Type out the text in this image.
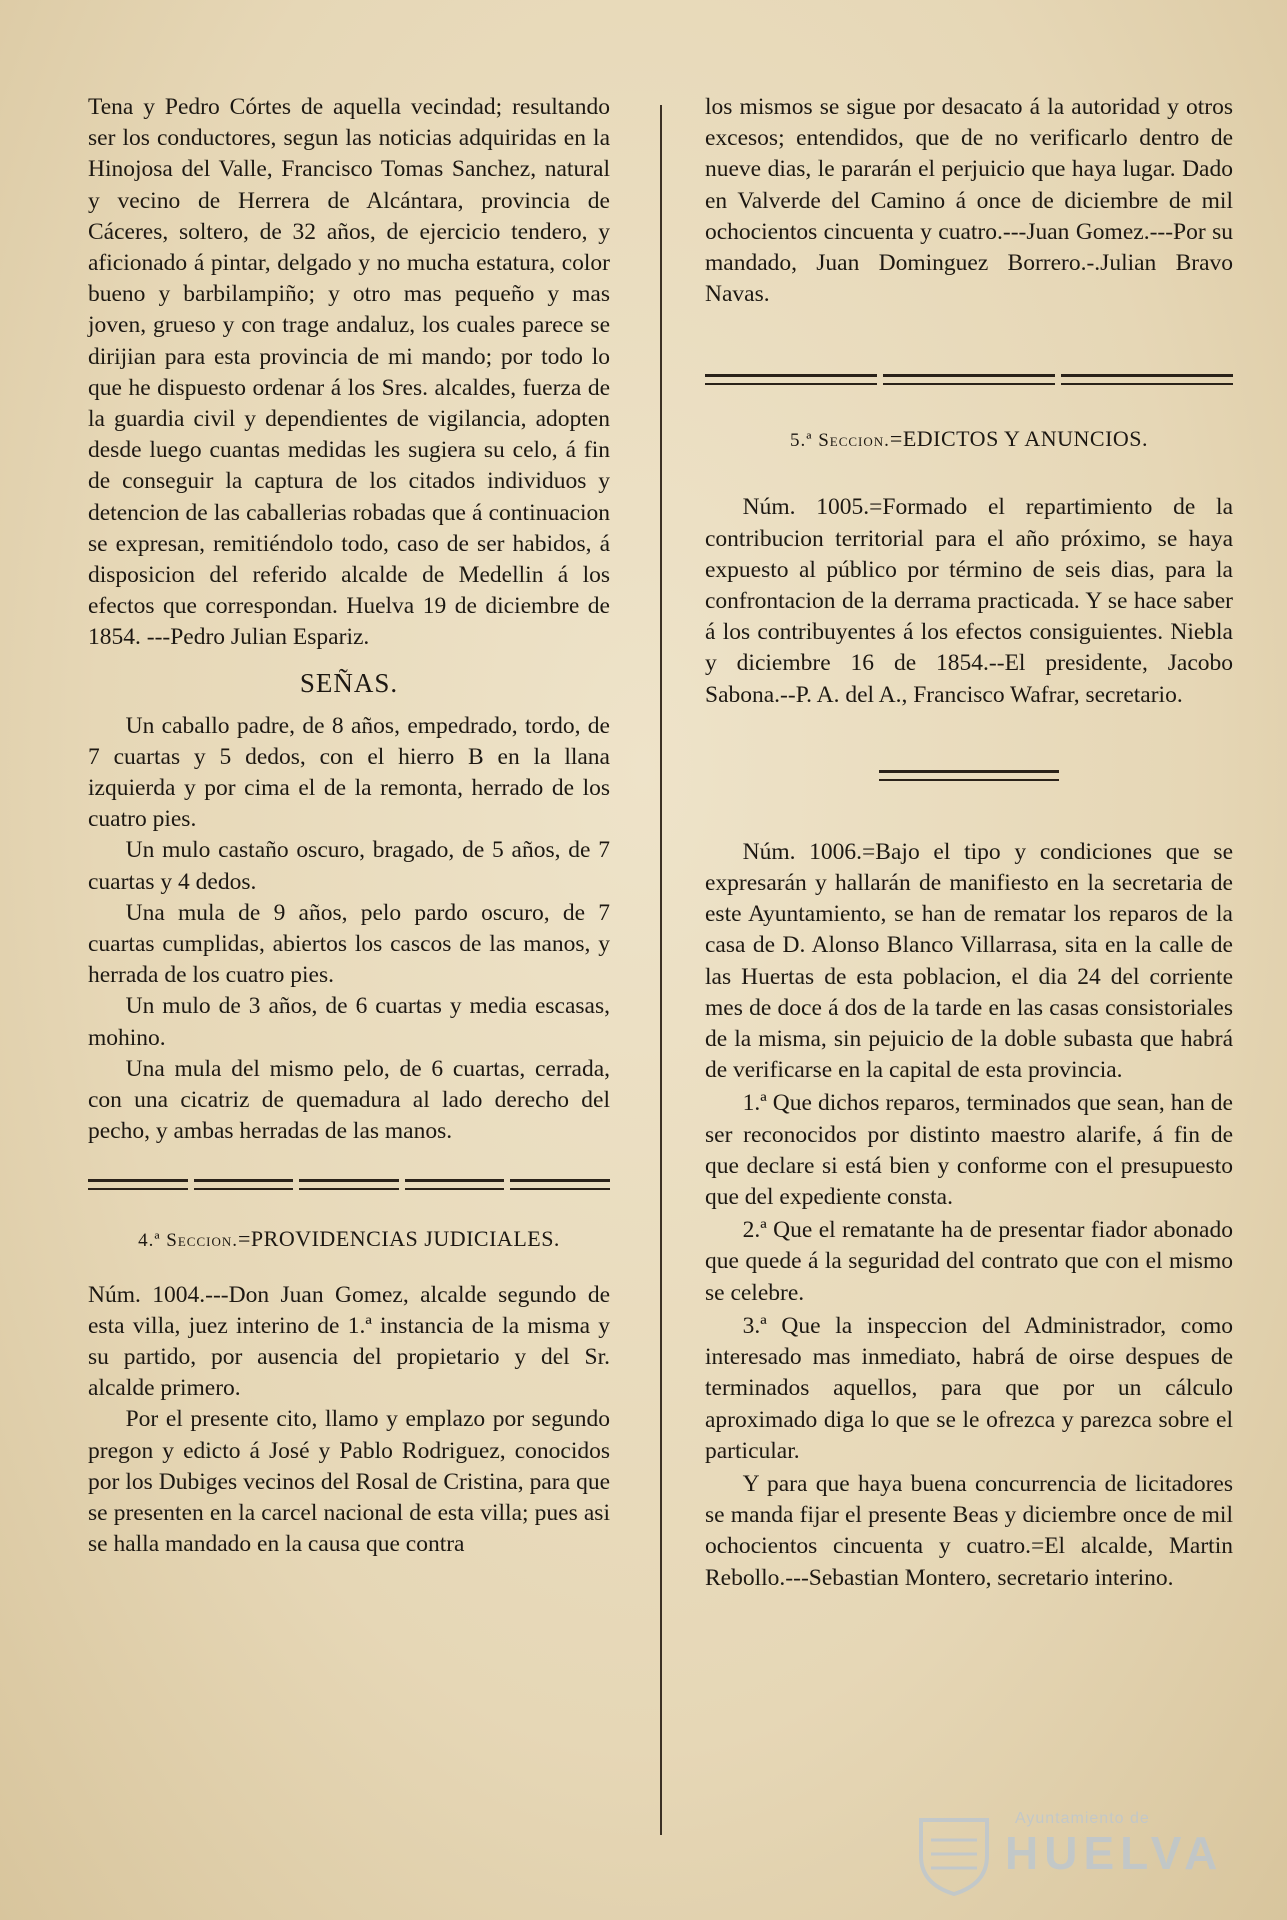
Tena y Pedro Córtes de aquella vecindad; resultando ser los conductores, segun las noticias adquiridas en la Hinojosa del Valle, Francisco Tomas Sanchez, natural y vecino de Herrera de Alcántara, provincia de Cáceres, soltero, de 32 años, de ejercicio tendero, y aficionado á pintar, delgado y no mucha estatura, color bueno y barbilampiño; y otro mas pequeño y mas joven, grueso y con trage andaluz, los cuales parece se dirijian para esta provincia de mi mando; por todo lo que he dispuesto ordenar á los Sres. alcaldes, fuerza de la guardia civil y dependientes de vigilancia, adopten desde luego cuantas medidas les sugiera su celo, á fin de conseguir la captura de los citados individuos y detencion de las caballerias robadas que á continuacion se expresan, remitiéndolo todo, caso de ser habidos, á disposicion del referido alcalde de Medellin á los efectos que correspondan. Huelva 19 de diciembre de 1854. ---Pedro Julian Espariz.

SEÑAS.

Un caballo padre, de 8 años, empedrado, tordo, de 7 cuartas y 5 dedos, con el hierro B en la llana izquierda y por cima el de la remonta, herrado de los cuatro pies.

Un mulo castaño oscuro, bragado, de 5 años, de 7 cuartas y 4 dedos.

Una mula de 9 años, pelo pardo oscuro, de 7 cuartas cumplidas, abiertos los cascos de las manos, y herrada de los cuatro pies.

Un mulo de 3 años, de 6 cuartas y media escasas, mohino.

Una mula del mismo pelo, de 6 cuartas, cerrada, con una cicatriz de quemadura al lado derecho del pecho, y ambas herradas de las manos.

4.ª Seccion.=PROVIDENCIAS JUDICIALES.

Núm. 1004.---Don Juan Gomez, alcalde segundo de esta villa, juez interino de 1.ª instancia de la misma y su partido, por ausencia del propietario y del Sr. alcalde primero.

Por el presente cito, llamo y emplazo por segundo pregon y edicto á José y Pablo Rodriguez, conocidos por los Dubiges vecinos del Rosal de Cristina, para que se presenten en la carcel nacional de esta villa; pues asi se halla mandado en la causa que contra

los mismos se sigue por desacato á la autoridad y otros excesos; entendidos, que de no verificarlo dentro de nueve dias, le pararán el perjuicio que haya lugar. Dado en Valverde del Camino á once de diciembre de mil ochocientos cincuenta y cuatro.---Juan Gomez.---Por su mandado, Juan Dominguez Borrero.-.Julian Bravo Navas.

5.ª Seccion.=EDICTOS Y ANUNCIOS.

Núm. 1005.=Formado el repartimiento de la contribucion territorial para el año próximo, se haya expuesto al público por término de seis dias, para la confrontacion de la derrama practicada. Y se hace saber á los contribuyentes á los efectos consiguientes. Niebla y diciembre 16 de 1854.--El presidente, Jacobo Sabona.--P. A. del A., Francisco Wafrar, secretario.

Núm. 1006.=Bajo el tipo y condiciones que se expresarán y hallarán de manifiesto en la secretaria de este Ayuntamiento, se han de rematar los reparos de la casa de D. Alonso Blanco Villarrasa, sita en la calle de las Huertas de esta poblacion, el dia 24 del corriente mes de doce á dos de la tarde en las casas consistoriales de la misma, sin pejuicio de la doble subasta que habrá de verificarse en la capital de esta provincia.

1.ª Que dichos reparos, terminados que sean, han de ser reconocidos por distinto maestro alarife, á fin de que declare si está bien y conforme con el presupuesto que del expediente consta.

2.ª Que el rematante ha de presentar fiador abonado que quede á la seguridad del contrato que con el mismo se celebre.

3.ª Que la inspeccion del Administrador, como interesado mas inmediato, habrá de oirse despues de terminados aquellos, para que por un cálculo aproximado diga lo que se le ofrezca y parezca sobre el particular.

Y para que haya buena concurrencia de licitadores se manda fijar el presente Beas y diciembre once de mil ochocientos cincuenta y cuatro.=El alcalde, Martin Rebollo.---Sebastian Montero, secretario interino.

Ayuntamiento de
HUELVA
